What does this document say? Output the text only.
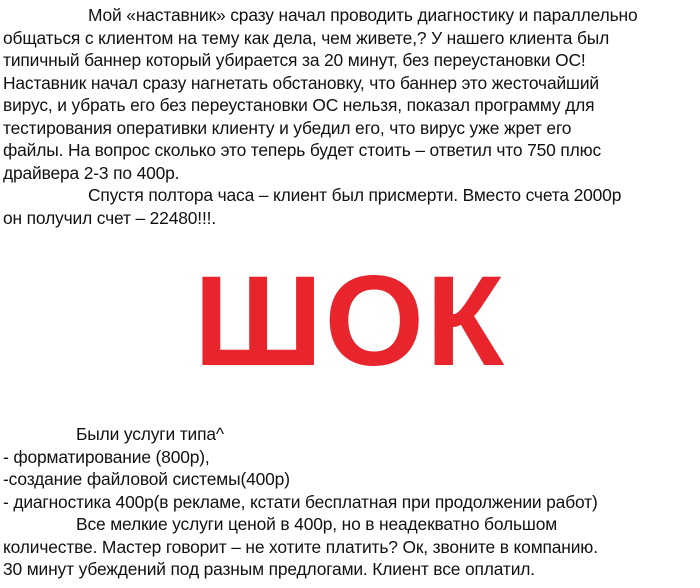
Мой «наставник» сразу начал проводить диагностику и параллельно
общаться с клиентом на тему как дела, чем живете,? У нашего клиента был
типичный баннер который убирается за 20 минут, без переустановки ОС!
Наставник начал сразу нагнетать обстановку, что баннер это жесточайший
вирус, и убрать его без переустановки ОС нельзя, показал программу для
тестирования оперативки клиенту и убедил его, что вирус уже жрет его
файлы. На вопрос сколько это теперь будет стоить – ответил что 750 плюс
драйвера 2-3 по 400р.
Спустя полтора часа – клиент был присмерти. Вместо счета 2000р
он получил счет – 22480!!!.
ШОК
Были услуги типа^
- форматирование (800р),
-создание файловой системы(400р)
- диагностика 400р(в рекламе, кстати бесплатная при продолжении работ)
Все мелкие услуги ценой в 400р, но в неадекватно большом
количестве. Мастер говорит – не хотите платить? Ок, звоните в компанию.
30 минут убеждений под разным предлогами. Клиент все оплатил.
